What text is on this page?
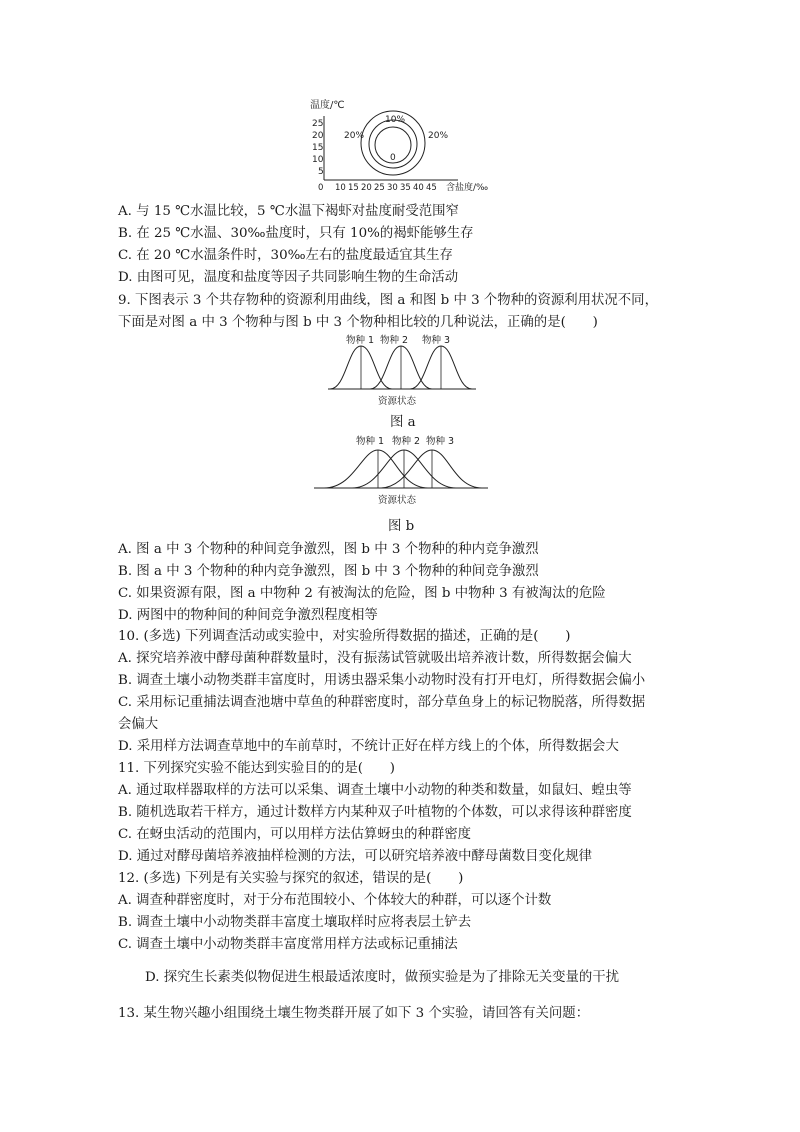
温度/℃
25
20
15
10
5
0 10 15 20 25 30 35 40 45 含盐度/‰
20%	20%
10%
0
A. 与 15 ℃水温比较，5 ℃水温下褐虾对盐度耐受范围窄
B. 在 25 ℃水温、30‰盐度时，只有 10%的褐虾能够生存
C. 在 20 ℃水温条件时，30‰左右的盐度最适宜其生存
D. 由图可见，温度和盐度等因子共同影响生物的生命活动
9. 下图表示 3 个共存物种的资源利用曲线，图 a 和图 b 中 3 个物种的资源利用状况不同，
下面是对图 a 中 3 个物种与图 b 中 3 个物种相比较的几种说法，正确的是(　　)
物种 1 物种 2 物种 3
资源状态
图 a
物种 1 物种 2 物种 3
资源状态
图 b
A. 图 a 中 3 个物种的种间竞争激烈，图 b 中 3 个物种的种内竞争激烈
B. 图 a 中 3 个物种的种内竞争激烈，图 b 中 3 个物种的种间竞争激烈
C. 如果资源有限，图 a 中物种 2 有被淘汰的危险，图 b 中物种 3 有被淘汰的危险
D. 两图中的物种间的种间竞争激烈程度相等
10. (多选) 下列调查活动或实验中，对实验所得数据的描述，正确的是(　　)
A. 探究培养液中酵母菌种群数量时，没有振荡试管就吸出培养液计数，所得数据会偏大
B. 调查土壤小动物类群丰富度时，用诱虫器采集小动物时没有打开电灯，所得数据会偏小
C. 采用标记重捕法调查池塘中草鱼的种群密度时，部分草鱼身上的标记物脱落，所得数据
会偏大
D. 采用样方法调查草地中的车前草时，不统计正好在样方线上的个体，所得数据会大
11. 下列探究实验不能达到实验目的的是(　　)
A. 通过取样器取样的方法可以采集、调查土壤中小动物的种类和数量，如鼠妇、蝗虫等
B. 随机选取若干样方，通过计数样方内某种双子叶植物的个体数，可以求得该种群密度
C. 在蚜虫活动的范围内，可以用样方法估算蚜虫的种群密度
D. 通过对酵母菌培养液抽样检测的方法，可以研究培养液中酵母菌数目变化规律
12. (多选) 下列是有关实验与探究的叙述，错误的是(　　)
A. 调查种群密度时，对于分布范围较小、个体较大的种群，可以逐个计数
B. 调查土壤中小动物类群丰富度土壤取样时应将表层土铲去
C. 调查土壤中小动物类群丰富度常用样方法或标记重捕法
D. 探究生长素类似物促进生根最适浓度时，做预实验是为了排除无关变量的干扰
13. 某生物兴趣小组围绕土壤生物类群开展了如下 3 个实验，请回答有关问题：
